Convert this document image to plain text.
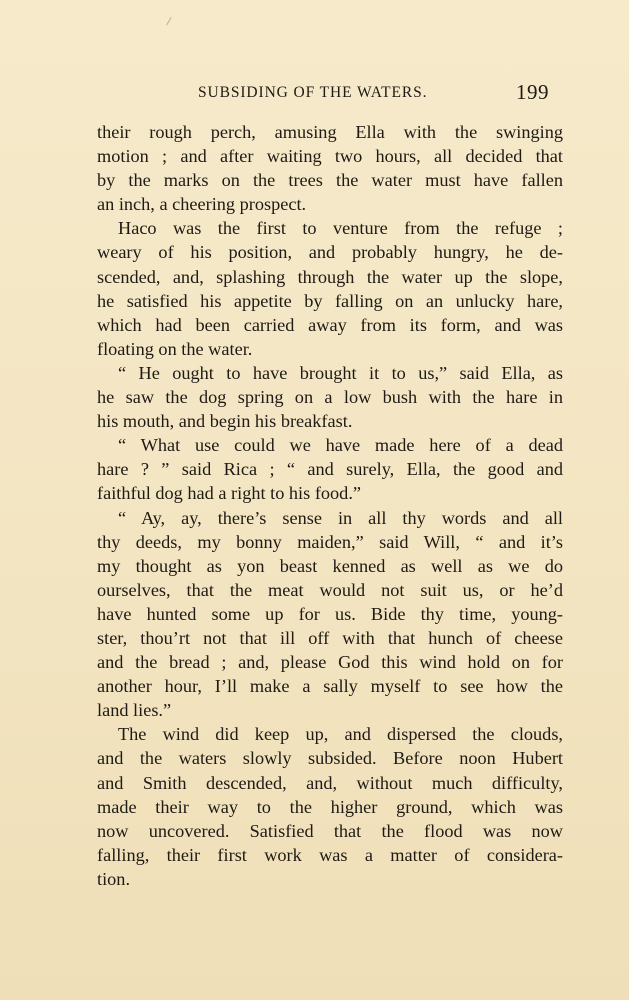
SUBSIDING OF THE WATERS.	199
their rough perch, amusing Ella with the swinging
motion ; and after waiting two hours, all decided that
by the marks on the trees the water must have fallen
an inch, a cheering prospect.
Haco was the first to venture from the refuge ;
weary of his position, and probably hungry, he de-
scended, and, splashing through the water up the slope,
he satisfied his appetite by falling on an unlucky hare,
which had been carried away from its form, and was
floating on the water.
“ He ought to have brought it to us,” said Ella, as
he saw the dog spring on a low bush with the hare in
his mouth, and begin his breakfast.
“ What use could we have made here of a dead
hare ? ” said Rica ; “ and surely, Ella, the good and
faithful dog had a right to his food.”
“ Ay, ay, there’s sense in all thy words and all
thy deeds, my bonny maiden,” said Will, “ and it’s
my thought as yon beast kenned as well as we do
ourselves, that the meat would not suit us, or he’d
have hunted some up for us. Bide thy time, young-
ster, thou’rt not that ill off with that hunch of cheese
and the bread ; and, please God this wind hold on for
another hour, I’ll make a sally myself to see how the
land lies.”
The wind did keep up, and dispersed the clouds,
and the waters slowly subsided. Before noon Hubert
and Smith descended, and, without much difficulty,
made their way to the higher ground, which was
now uncovered. Satisfied that the flood was now
falling, their first work was a matter of considera-
tion.
